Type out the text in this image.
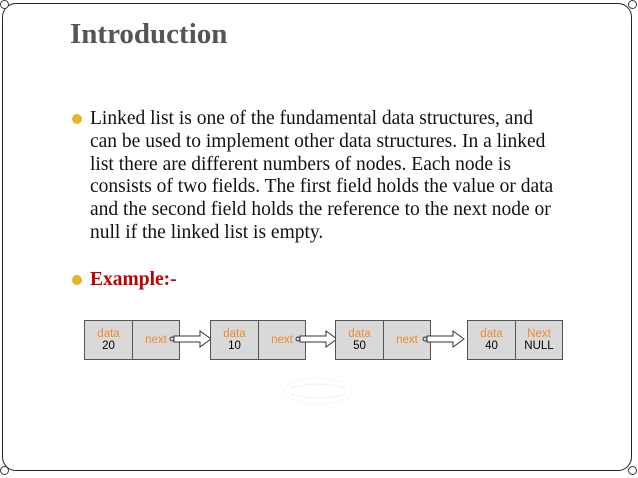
Introduction
Linked list is one of the fundamental data structures, and
can be used to implement other data structures. In a linked
list there are different numbers of nodes. Each node is
consists of two fields. The first field holds the value or data
and the second field holds the reference to the next node or
null if the linked list is empty.
Example:-
data
20
next
data
10
next
data
50
next
data
40
Next
NULL
